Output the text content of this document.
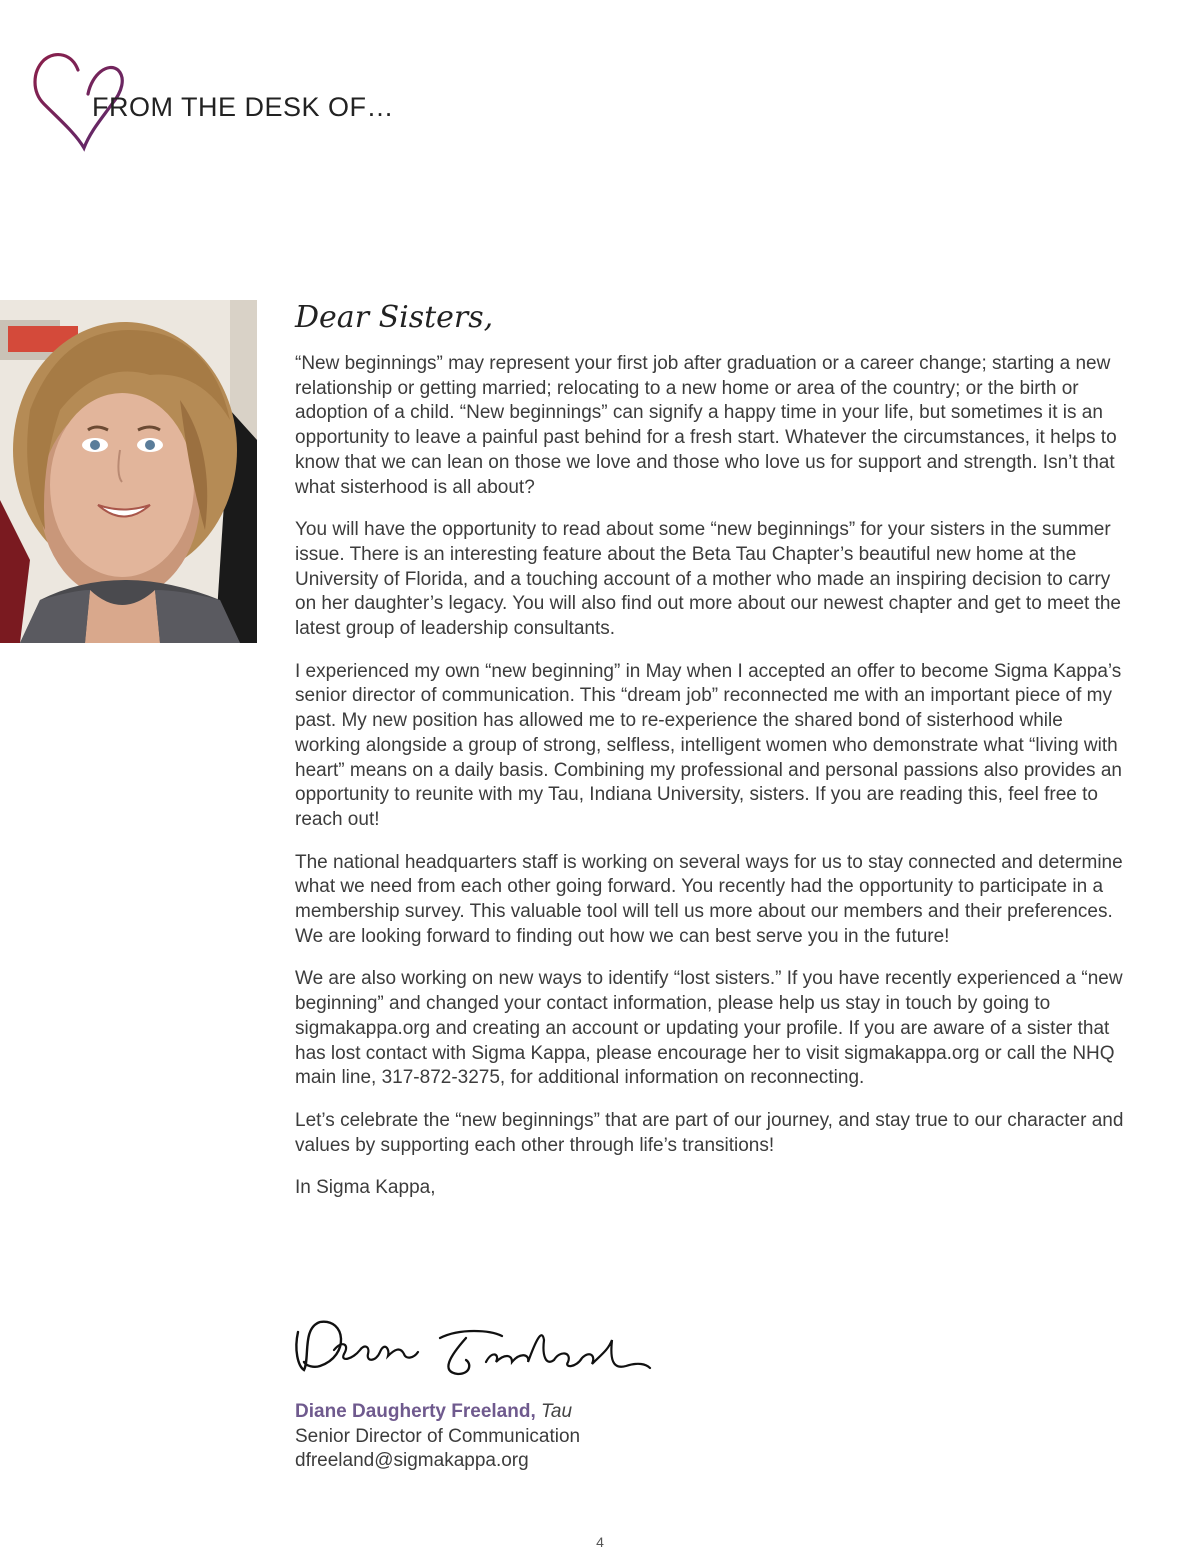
FROM THE DESK OF…
Dear Sisters,

“New beginnings” may represent your first job after graduation or a career change; starting a new relationship or getting married; relocating to a new home or area of the country; or the birth or adoption of a child. “New beginnings” can signify a happy time in your life, but sometimes it is an opportunity to leave a painful past behind for a fresh start. Whatever the circumstances, it helps to know that we can lean on those we love and those who love us for support and strength. Isn’t that what sisterhood is all about?

You will have the opportunity to read about some “new beginnings” for your sisters in the summer issue. There is an interesting feature about the Beta Tau Chapter’s beautiful new home at the University of Florida, and a touching account of a mother who made an inspiring decision to carry on her daughter’s legacy. You will also find out more about our newest chapter and get to meet the latest group of leadership consultants.

I experienced my own “new beginning” in May when I accepted an offer to become Sigma Kappa’s senior director of communication. This “dream job” reconnected me with an important piece of my past. My new position has allowed me to re-experience the shared bond of sisterhood while working alongside a group of strong, selfless, intelligent women who demonstrate what “living with heart” means on a daily basis. Combining my professional and personal passions also provides an opportunity to reunite with my Tau, Indiana University, sisters. If you are reading this, feel free to reach out!

The national headquarters staff is working on several ways for us to stay connected and determine what we need from each other going forward. You recently had the opportunity to participate in a membership survey. This valuable tool will tell us more about our members and their preferences. We are looking forward to finding out how we can best serve you in the future!

We are also working on new ways to identify “lost sisters.” If you have recently experienced a “new beginning” and changed your contact information, please help us stay in touch by going to sigmakappa.org and creating an account or updating your profile. If you are aware of a sister that has lost contact with Sigma Kappa, please encourage her to visit sigmakappa.org or call the NHQ main line, 317-872-3275, for additional information on reconnecting.

Let’s celebrate the “new beginnings” that are part of our journey, and stay true to our character and values by supporting each other through life’s transitions!

In Sigma Kappa,

Diane Daugherty Freeland, Tau
Senior Director of Communication
dfreeland@sigmakappa.org
4
